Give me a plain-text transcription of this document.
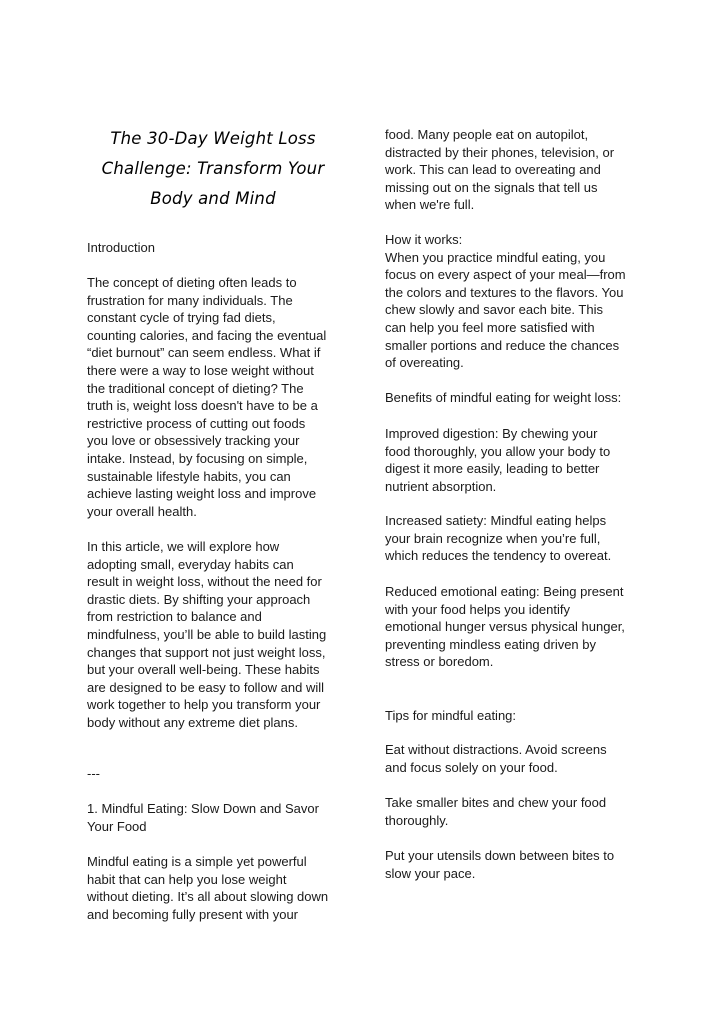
The 30-Day Weight Loss
Challenge: Transform Your
Body and Mind
Introduction
The concept of dieting often leads to
frustration for many individuals. The
constant cycle of trying fad diets,
counting calories, and facing the eventual
“diet burnout” can seem endless. What if
there were a way to lose weight without
the traditional concept of dieting? The
truth is, weight loss doesn't have to be a
restrictive process of cutting out foods
you love or obsessively tracking your
intake. Instead, by focusing on simple,
sustainable lifestyle habits, you can
achieve lasting weight loss and improve
your overall health.
In this article, we will explore how
adopting small, everyday habits can
result in weight loss, without the need for
drastic diets. By shifting your approach
from restriction to balance and
mindfulness, you’ll be able to build lasting
changes that support not just weight loss,
but your overall well-being. These habits
are designed to be easy to follow and will
work together to help you transform your
body without any extreme diet plans.
---
1. Mindful Eating: Slow Down and Savor
Your Food
Mindful eating is a simple yet powerful
habit that can help you lose weight
without dieting. It’s all about slowing down
and becoming fully present with your
food. Many people eat on autopilot,
distracted by their phones, television, or
work. This can lead to overeating and
missing out on the signals that tell us
when we're full.
How it works:
When you practice mindful eating, you
focus on every aspect of your meal—from
the colors and textures to the flavors. You
chew slowly and savor each bite. This
can help you feel more satisfied with
smaller portions and reduce the chances
of overeating.
Benefits of mindful eating for weight loss:
Improved digestion: By chewing your
food thoroughly, you allow your body to
digest it more easily, leading to better
nutrient absorption.
Increased satiety: Mindful eating helps
your brain recognize when you’re full,
which reduces the tendency to overeat.
Reduced emotional eating: Being present
with your food helps you identify
emotional hunger versus physical hunger,
preventing mindless eating driven by
stress or boredom.
Tips for mindful eating:
Eat without distractions. Avoid screens
and focus solely on your food.
Take smaller bites and chew your food
thoroughly.
Put your utensils down between bites to
slow your pace.
